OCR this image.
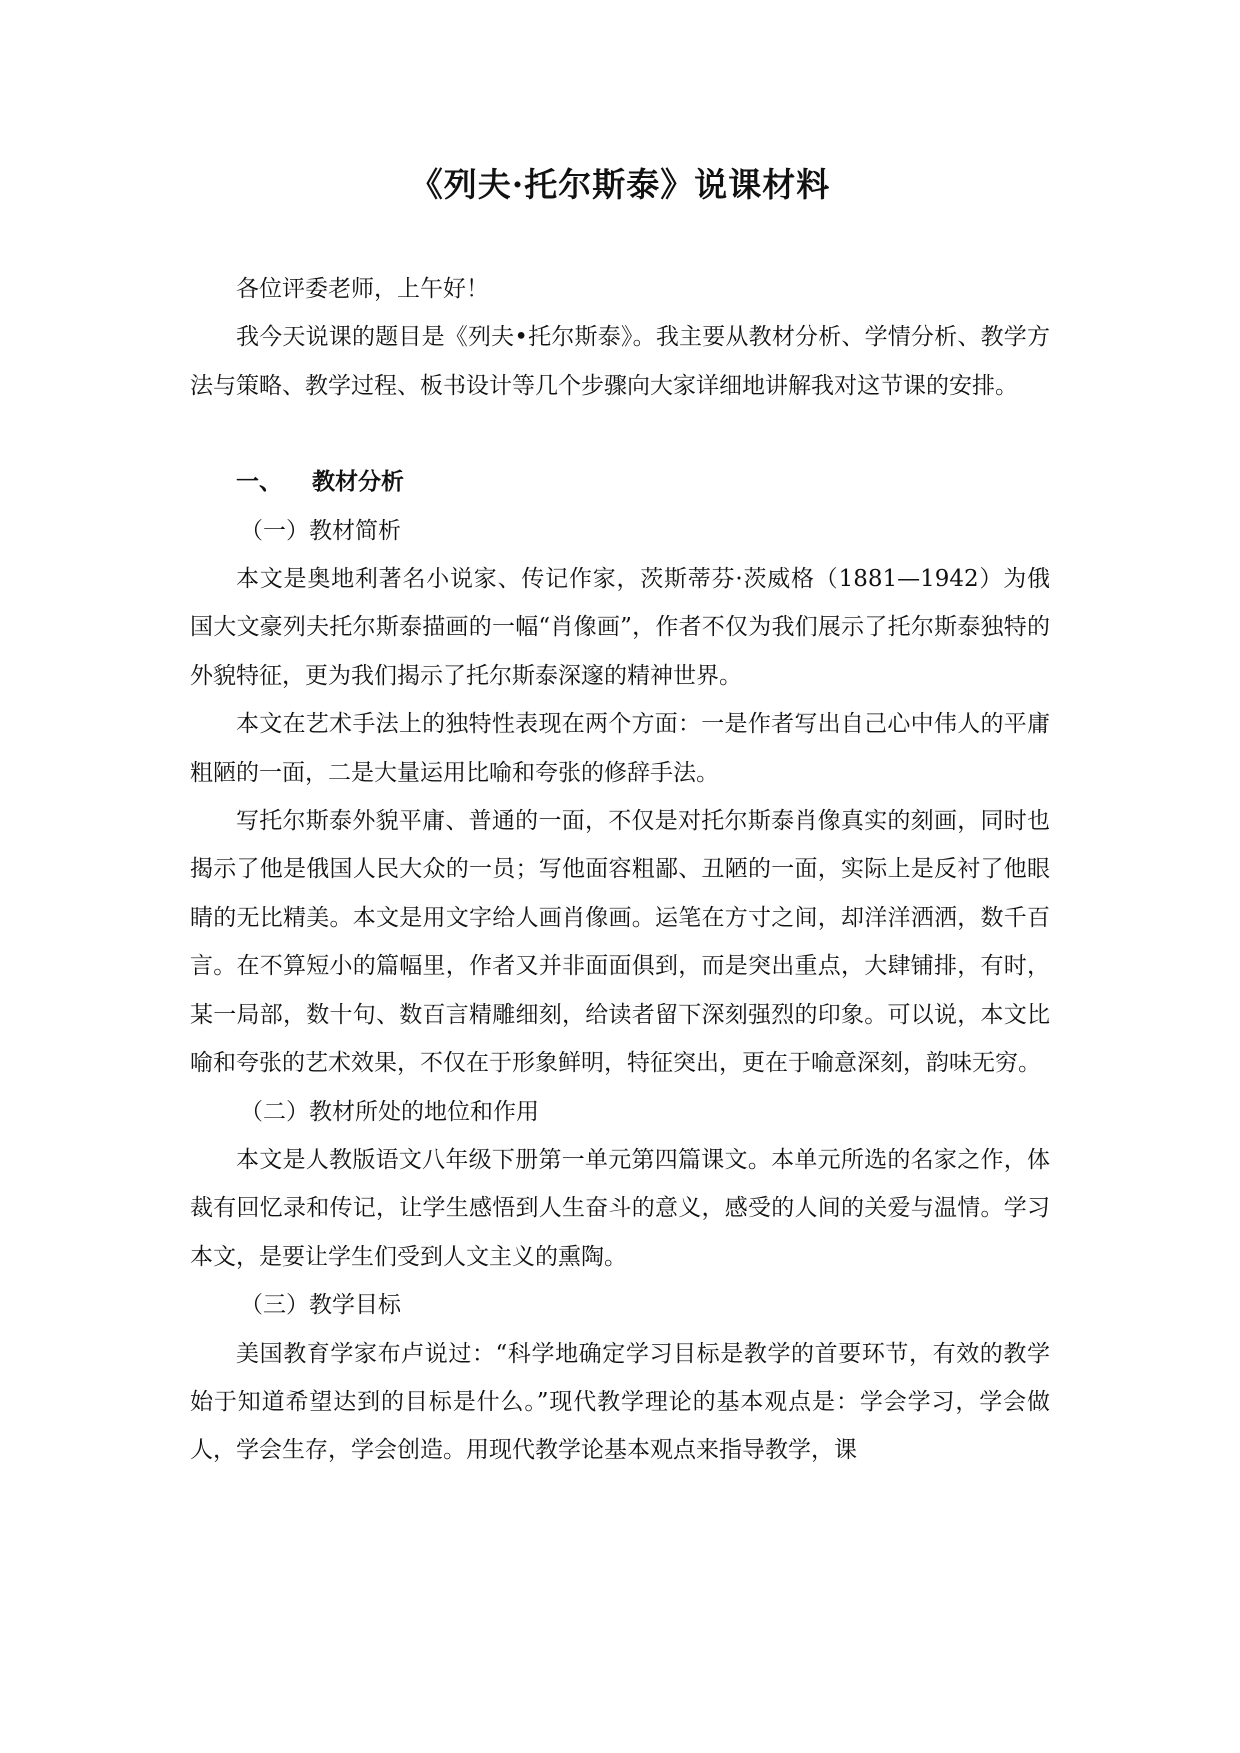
《列夫·托尔斯泰》说课材料

各位评委老师，上午好！

我今天说课的题目是《列夫•托尔斯泰》。我主要从教材分析、学情分析、教学方法与策略、教学过程、板书设计等几个步骤向大家详细地讲解我对这节课的安排。

一、 教材分析

（一）教材简析

本文是奥地利著名小说家、传记作家，茨斯蒂芬·茨威格（1881—1942）为俄国大文豪列夫托尔斯泰描画的一幅“肖像画”，作者不仅为我们展示了托尔斯泰独特的外貌特征，更为我们揭示了托尔斯泰深邃的精神世界。

本文在艺术手法上的独特性表现在两个方面：一是作者写出自己心中伟人的平庸粗陋的一面，二是大量运用比喻和夸张的修辞手法。

写托尔斯泰外貌平庸、普通的一面，不仅是对托尔斯泰肖像真实的刻画，同时也揭示了他是俄国人民大众的一员；写他面容粗鄙、丑陋的一面，实际上是反衬了他眼睛的无比精美。本文是用文字给人画肖像画。运笔在方寸之间，却洋洋洒洒，数千百言。在不算短小的篇幅里，作者又并非面面俱到，而是突出重点，大肆铺排，有时，某一局部，数十句、数百言精雕细刻，给读者留下深刻强烈的印象。可以说，本文比喻和夸张的艺术效果，不仅在于形象鲜明，特征突出，更在于喻意深刻，韵味无穷。

（二）教材所处的地位和作用

本文是人教版语文八年级下册第一单元第四篇课文。本单元所选的名家之作，体裁有回忆录和传记，让学生感悟到人生奋斗的意义，感受的人间的关爱与温情。学习本文，是要让学生们受到人文主义的熏陶。

（三）教学目标

美国教育学家布卢说过：“科学地确定学习目标是教学的首要环节，有效的教学始于知道希望达到的目标是什么。”现代教学理论的基本观点是：学会学习，学会做人，学会生存，学会创造。用现代教学论基本观点来指导教学，课
